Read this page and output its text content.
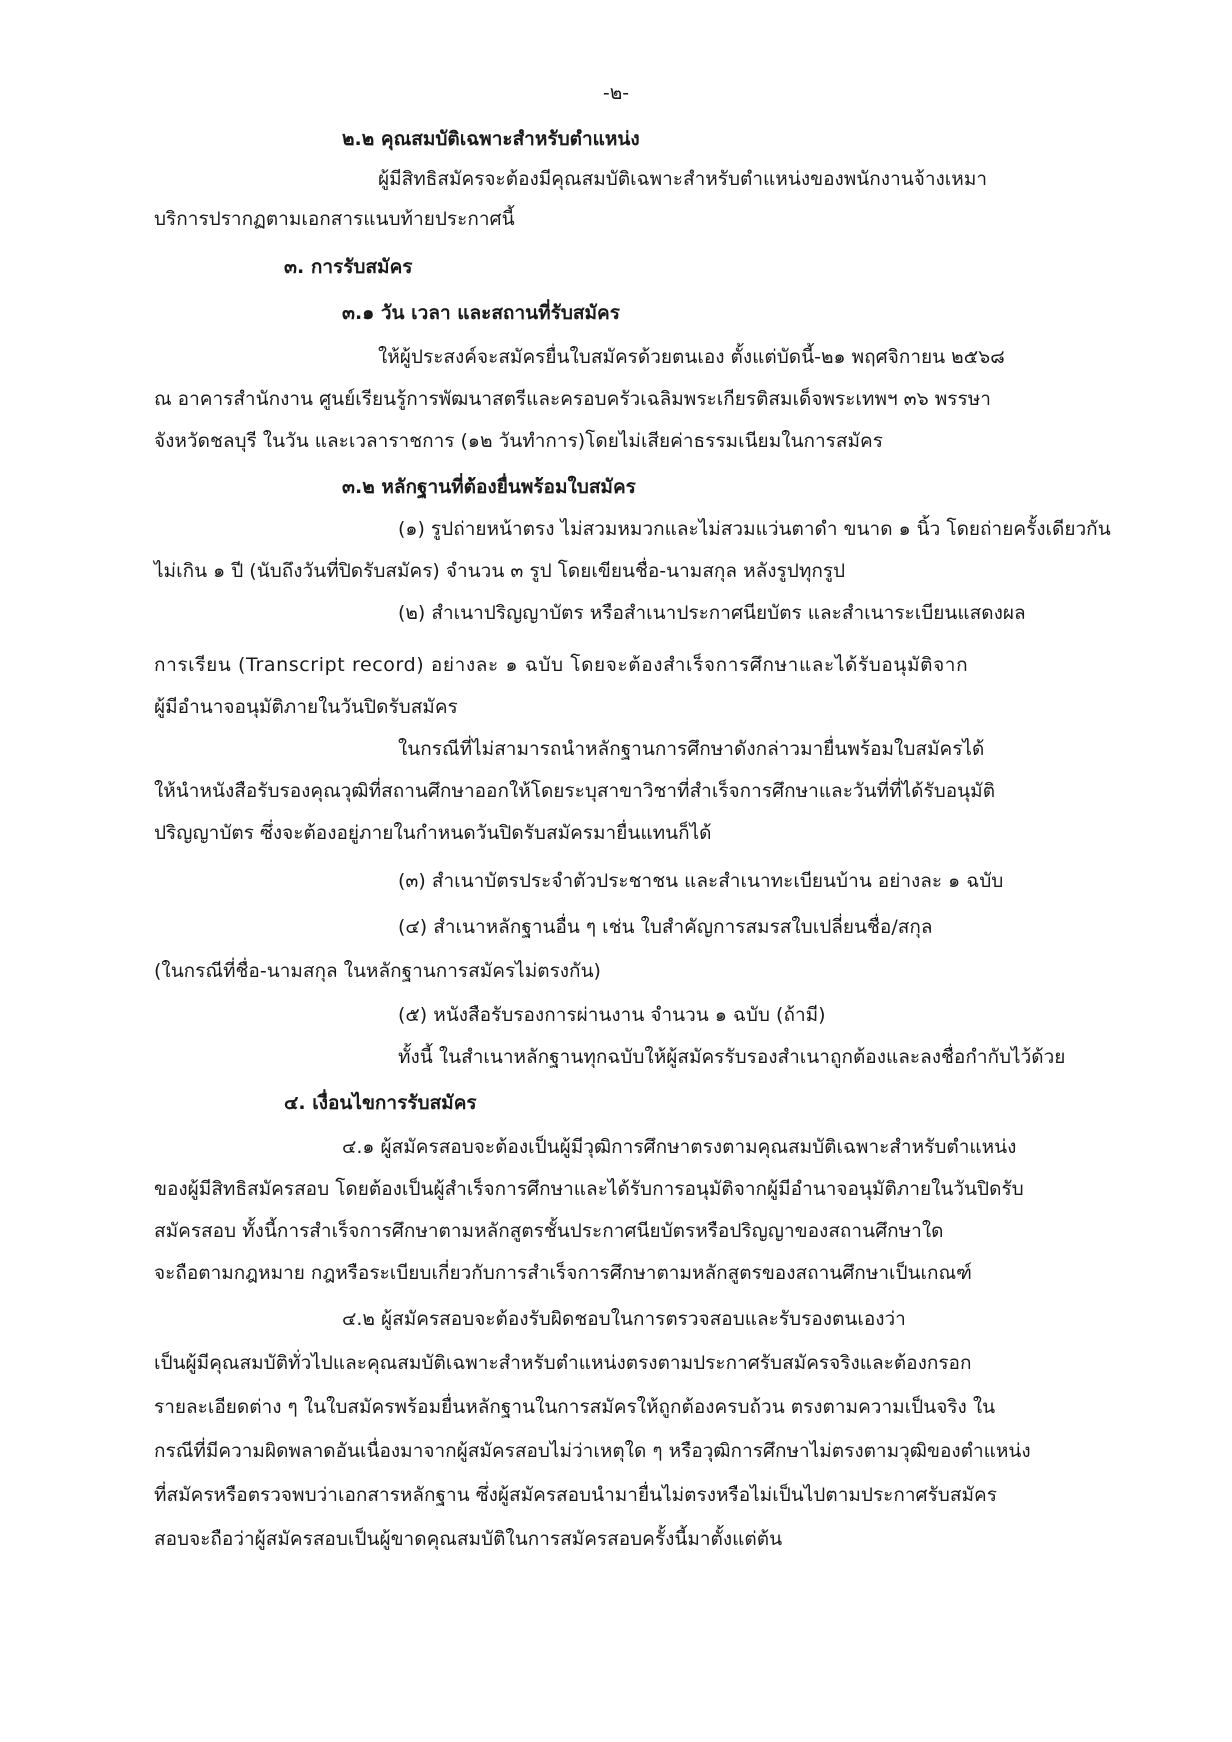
-๒-
๒.๒ คุณสมบัติเฉพาะสำหรับตำแหน่ง
ผู้มีสิทธิสมัครจะต้องมีคุณสมบัติเฉพาะสำหรับตำแหน่งของพนักงานจ้างเหมา
บริการปรากฏตามเอกสารแนบท้ายประกาศนี้
๓. การรับสมัคร
๓.๑ วัน เวลา และสถานที่รับสมัคร
ให้ผู้ประสงค์จะสมัครยื่นใบสมัครด้วยตนเอง ตั้งแต่บัดนี้-๒๑ พฤศจิกายน ๒๕๖๘
ณ อาคารสำนักงาน ศูนย์เรียนรู้การพัฒนาสตรีและครอบครัวเฉลิมพระเกียรติสมเด็จพระเทพฯ ๓๖ พรรษา
จังหวัดชลบุรี ในวัน และเวลาราชการ (๑๒ วันทำการ)โดยไม่เสียค่าธรรมเนียมในการสมัคร
๓.๒ หลักฐานที่ต้องยื่นพร้อมใบสมัคร
(๑) รูปถ่ายหน้าตรง ไม่สวมหมวกและไม่สวมแว่นตาดำ ขนาด ๑ นิ้ว โดยถ่ายครั้งเดียวกัน
ไม่เกิน ๑ ปี (นับถึงวันที่ปิดรับสมัคร) จำนวน ๓ รูป โดยเขียนชื่อ-นามสกุล หลังรูปทุกรูป
(๒) สำเนาปริญญาบัตร หรือสำเนาประกาศนียบัตร และสำเนาระเบียนแสดงผล
การเรียน (Transcript record) อย่างละ ๑ ฉบับ โดยจะต้องสำเร็จการศึกษาและได้รับอนุมัติจาก
ผู้มีอำนาจอนุมัติภายในวันปิดรับสมัคร
ในกรณีที่ไม่สามารถนำหลักฐานการศึกษาดังกล่าวมายื่นพร้อมใบสมัครได้
ให้นำหนังสือรับรองคุณวุฒิที่สถานศึกษาออกให้โดยระบุสาขาวิชาที่สำเร็จการศึกษาและวันที่ที่ได้รับอนุมัติ
ปริญญาบัตร ซึ่งจะต้องอยู่ภายในกำหนดวันปิดรับสมัครมายื่นแทนก็ได้
(๓) สำเนาบัตรประจำตัวประชาชน และสำเนาทะเบียนบ้าน อย่างละ ๑ ฉบับ
(๔) สำเนาหลักฐานอื่น ๆ เช่น ใบสำคัญการสมรสใบเปลี่ยนชื่อ/สกุล
(ในกรณีที่ชื่อ-นามสกุล ในหลักฐานการสมัครไม่ตรงกัน)
(๕) หนังสือรับรองการผ่านงาน จำนวน ๑ ฉบับ (ถ้ามี)
ทั้งนี้ ในสำเนาหลักฐานทุกฉบับให้ผู้สมัครรับรองสำเนาถูกต้องและลงชื่อกำกับไว้ด้วย
๔. เงื่อนไขการรับสมัคร
๔.๑ ผู้สมัครสอบจะต้องเป็นผู้มีวุฒิการศึกษาตรงตามคุณสมบัติเฉพาะสำหรับตำแหน่ง
ของผู้มีสิทธิสมัครสอบ โดยต้องเป็นผู้สำเร็จการศึกษาและได้รับการอนุมัติจากผู้มีอำนาจอนุมัติภายในวันปิดรับ
สมัครสอบ ทั้งนี้การสำเร็จการศึกษาตามหลักสูตรชั้นประกาศนียบัตรหรือปริญญาของสถานศึกษาใด
จะถือตามกฎหมาย กฎหรือระเบียบเกี่ยวกับการสำเร็จการศึกษาตามหลักสูตรของสถานศึกษาเป็นเกณฑ์
๔.๒ ผู้สมัครสอบจะต้องรับผิดชอบในการตรวจสอบและรับรองตนเองว่า
เป็นผู้มีคุณสมบัติทั่วไปและคุณสมบัติเฉพาะสำหรับตำแหน่งตรงตามประกาศรับสมัครจริงและต้องกรอก
รายละเอียดต่าง ๆ ในใบสมัครพร้อมยื่นหลักฐานในการสมัครให้ถูกต้องครบถ้วน ตรงตามความเป็นจริง ใน
กรณีที่มีความผิดพลาดอันเนื่องมาจากผู้สมัครสอบไม่ว่าเหตุใด ๆ หรือวุฒิการศึกษาไม่ตรงตามวุฒิของตำแหน่ง
ที่สมัครหรือตรวจพบว่าเอกสารหลักฐาน ซึ่งผู้สมัครสอบนำมายื่นไม่ตรงหรือไม่เป็นไปตามประกาศรับสมัคร
สอบจะถือว่าผู้สมัครสอบเป็นผู้ขาดคุณสมบัติในการสมัครสอบครั้งนี้มาตั้งแต่ต้น
